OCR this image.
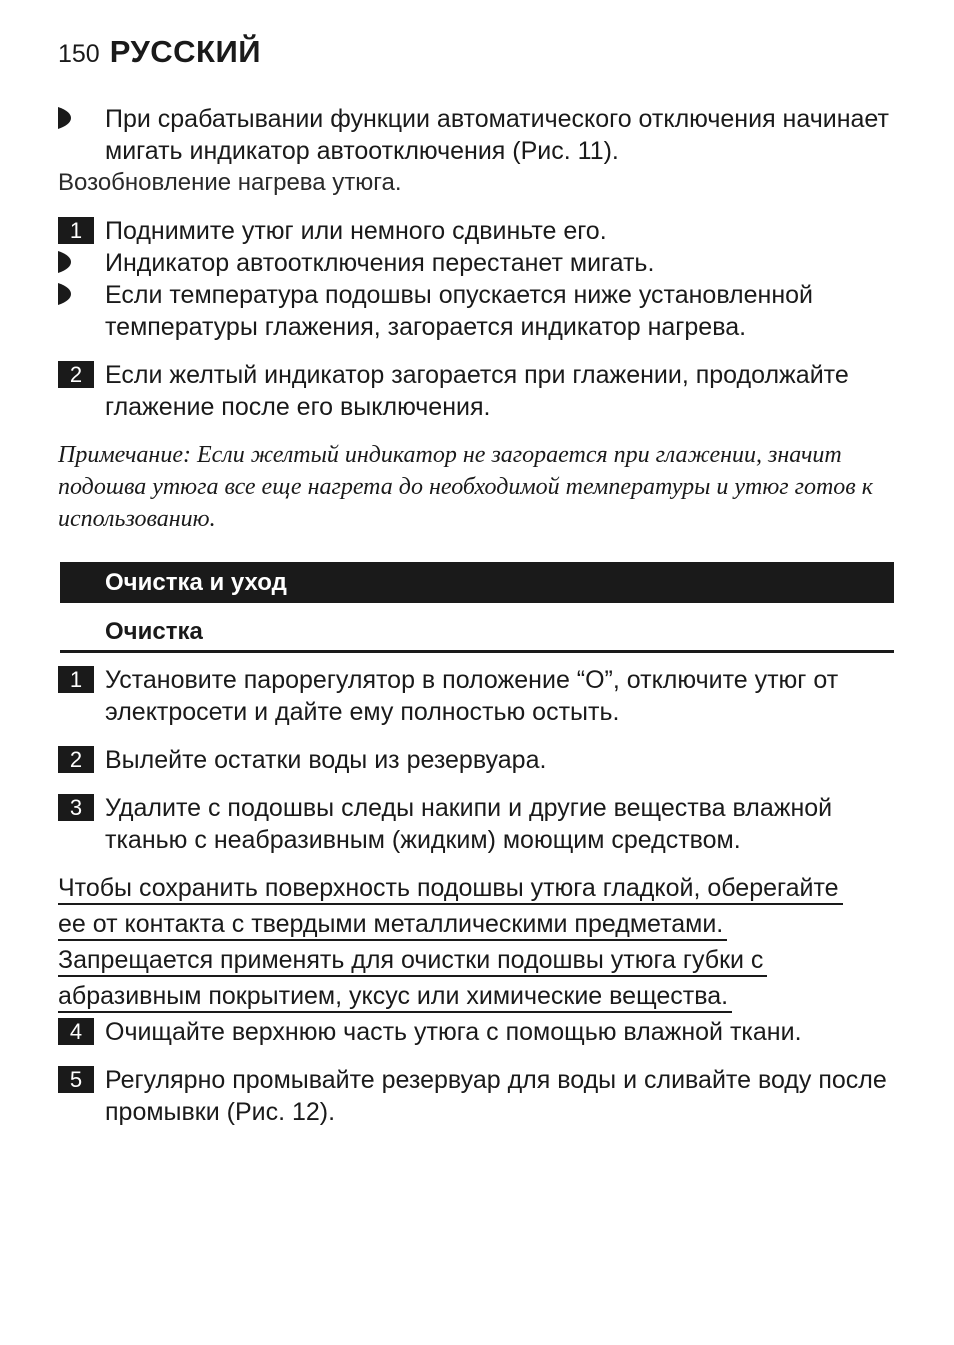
150 РУССКИЙ
При срабатывании функции автоматического отключения начинает мигать индикатор автоотключения (Рис. 11).
Возобновление нагрева утюга.
1 Поднимите утюг или немного сдвиньте его.
Индикатор автоотключения перестанет мигать.
Если температура подошвы опускается ниже установленной температуры глажения, загорается индикатор нагрева.
2 Если желтый индикатор загорается при глажении, продолжайте глажение после его выключения.
Примечание: Если желтый индикатор не загорается при глажении, значит подошва утюга все еще нагрета до необходимой температуры и утюг готов к использованию.
Очистка и уход
Очистка
1 Установите парорегулятор в положение “O”, отключите утюг от электросети и дайте ему полностью остыть.
2 Вылейте остатки воды из резервуара.
3 Удалите с подошвы следы накипи и другие вещества влажной тканью с неабразивным (жидким) моющим средством.
Чтобы сохранить поверхность подошвы утюга гладкой, оберегайте
ее от контакта с твердыми металлическими предметами.
Запрещается применять для очистки подошвы утюга губки с
абразивным покрытием, уксус или химические вещества.
4 Очищайте верхнюю часть утюга с помощью влажной ткани.
5 Регулярно промывайте резервуар для воды и сливайте воду после промывки (Рис. 12).
